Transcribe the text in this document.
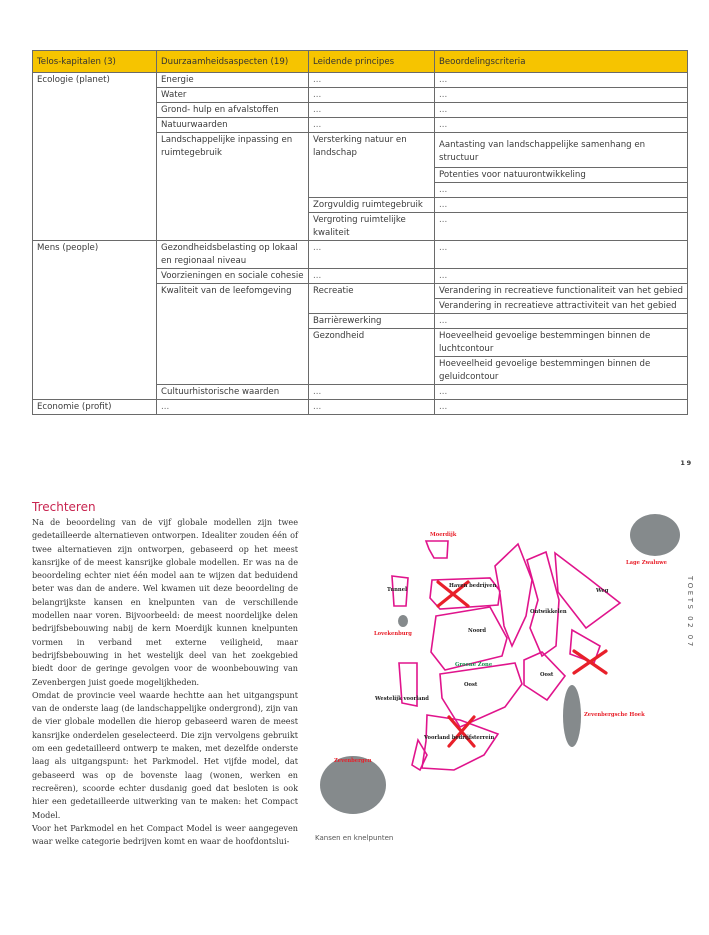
Telos-kapitalen (3)	Duurzaamheidsaspecten (19)	Leidende principes	Beoordelingscriteria
Ecologie (planet)	Energie	...	...
	Water	...	...
	Grond- hulp en afvalstoffen	...	...
	Natuurwaarden	...	...
	Landschappelijke inpassing en ruimtegebruik	Versterking natuur en landschap	Aantasting van landschappelijke samenhang en structuur
			Potenties voor natuurontwikkeling
			...

		Zorgvuldig ruimtegebruik	...
		Vergroting ruimtelijke kwaliteit	...
Mens (people)	Gezondheidsbelasting op lokaal en regionaal niveau	...	...
	Voorzieningen en sociale cohesie	...	...
	Kwaliteit van de leefomgeving	Recreatie	Verandering in recreatieve functionaliteit van het gebied
			Verandering in recreatieve attractiviteit van het gebied
		Barrièrewerking	...
		Gezondheid	Hoeveelheid gevoelige bestemmingen binnen de luchtcontour
			Hoeveelheid gevoelige bestemmingen binnen de geluidcontour

	Cultuurhistorische waarden	...	...

Economie (profit)	...	...	...
19
Trechteren

Na de beoordeling van de vijf globale modellen zijn twee gedetailleerde alternatieven ontworpen. Idealiter zouden één of twee alternatieven zijn ontworpen, gebaseerd op het meest kansrijke of de meest kansrijke globale modellen. Er was na de beoordeling echter niet één model aan te wijzen dat beduidend beter was dan de andere. Wel kwamen uit deze beoordeling de belangrijkste kansen en knelpunten van de verschillende modellen naar voren. Bijvoorbeeld: de meest noordelijke delen bedrijfsbebouwing nabij de kern Moerdijk kunnen knelpunten vormen in verband met externe veiligheid, maar bedrijfsbebouwing in het westelijk deel van het zoekgebied biedt door de geringe gevolgen voor de woonbebouwing van Zevenbergen juist goede mogelijkheden.

Omdat de provincie veel waarde hechtte aan het uitgangspunt van de onderste laag (de landschappelijke ondergrond), zijn van de vier globale modellen die hierop gebaseerd waren de meest kansrijke onderdelen geselecteerd. Die zijn vervolgens gebruikt om een gedetailleerd ontwerp te maken, met dezelfde onderste laag als uitgangspunt: het Parkmodel. Het vijfde model, dat gebaseerd was op de bovenste laag (wonen, werken en recreëren), scoorde echter dusdanig goed dat besloten is ook hier een gedetailleerde uitwerking van te maken: het Compact Model.

Voor het Parkmodel en het Compact Model is weer aangegeven waar welke categorie bedrijven komt en waar de hoofdontslui-

Moerdijk
Lage Zwaluwe
Tunnel
Haven bedrijven
Weg
Lovekenburg	Noord
Ontwikkelen
Groene Zone
Oost
Oost
Westelijk voorland
Zevenbergsche Hoek
Voorland bedrijfsterrein
Zevenbergen
Kansen en knelpunten
TOETS 02 07
